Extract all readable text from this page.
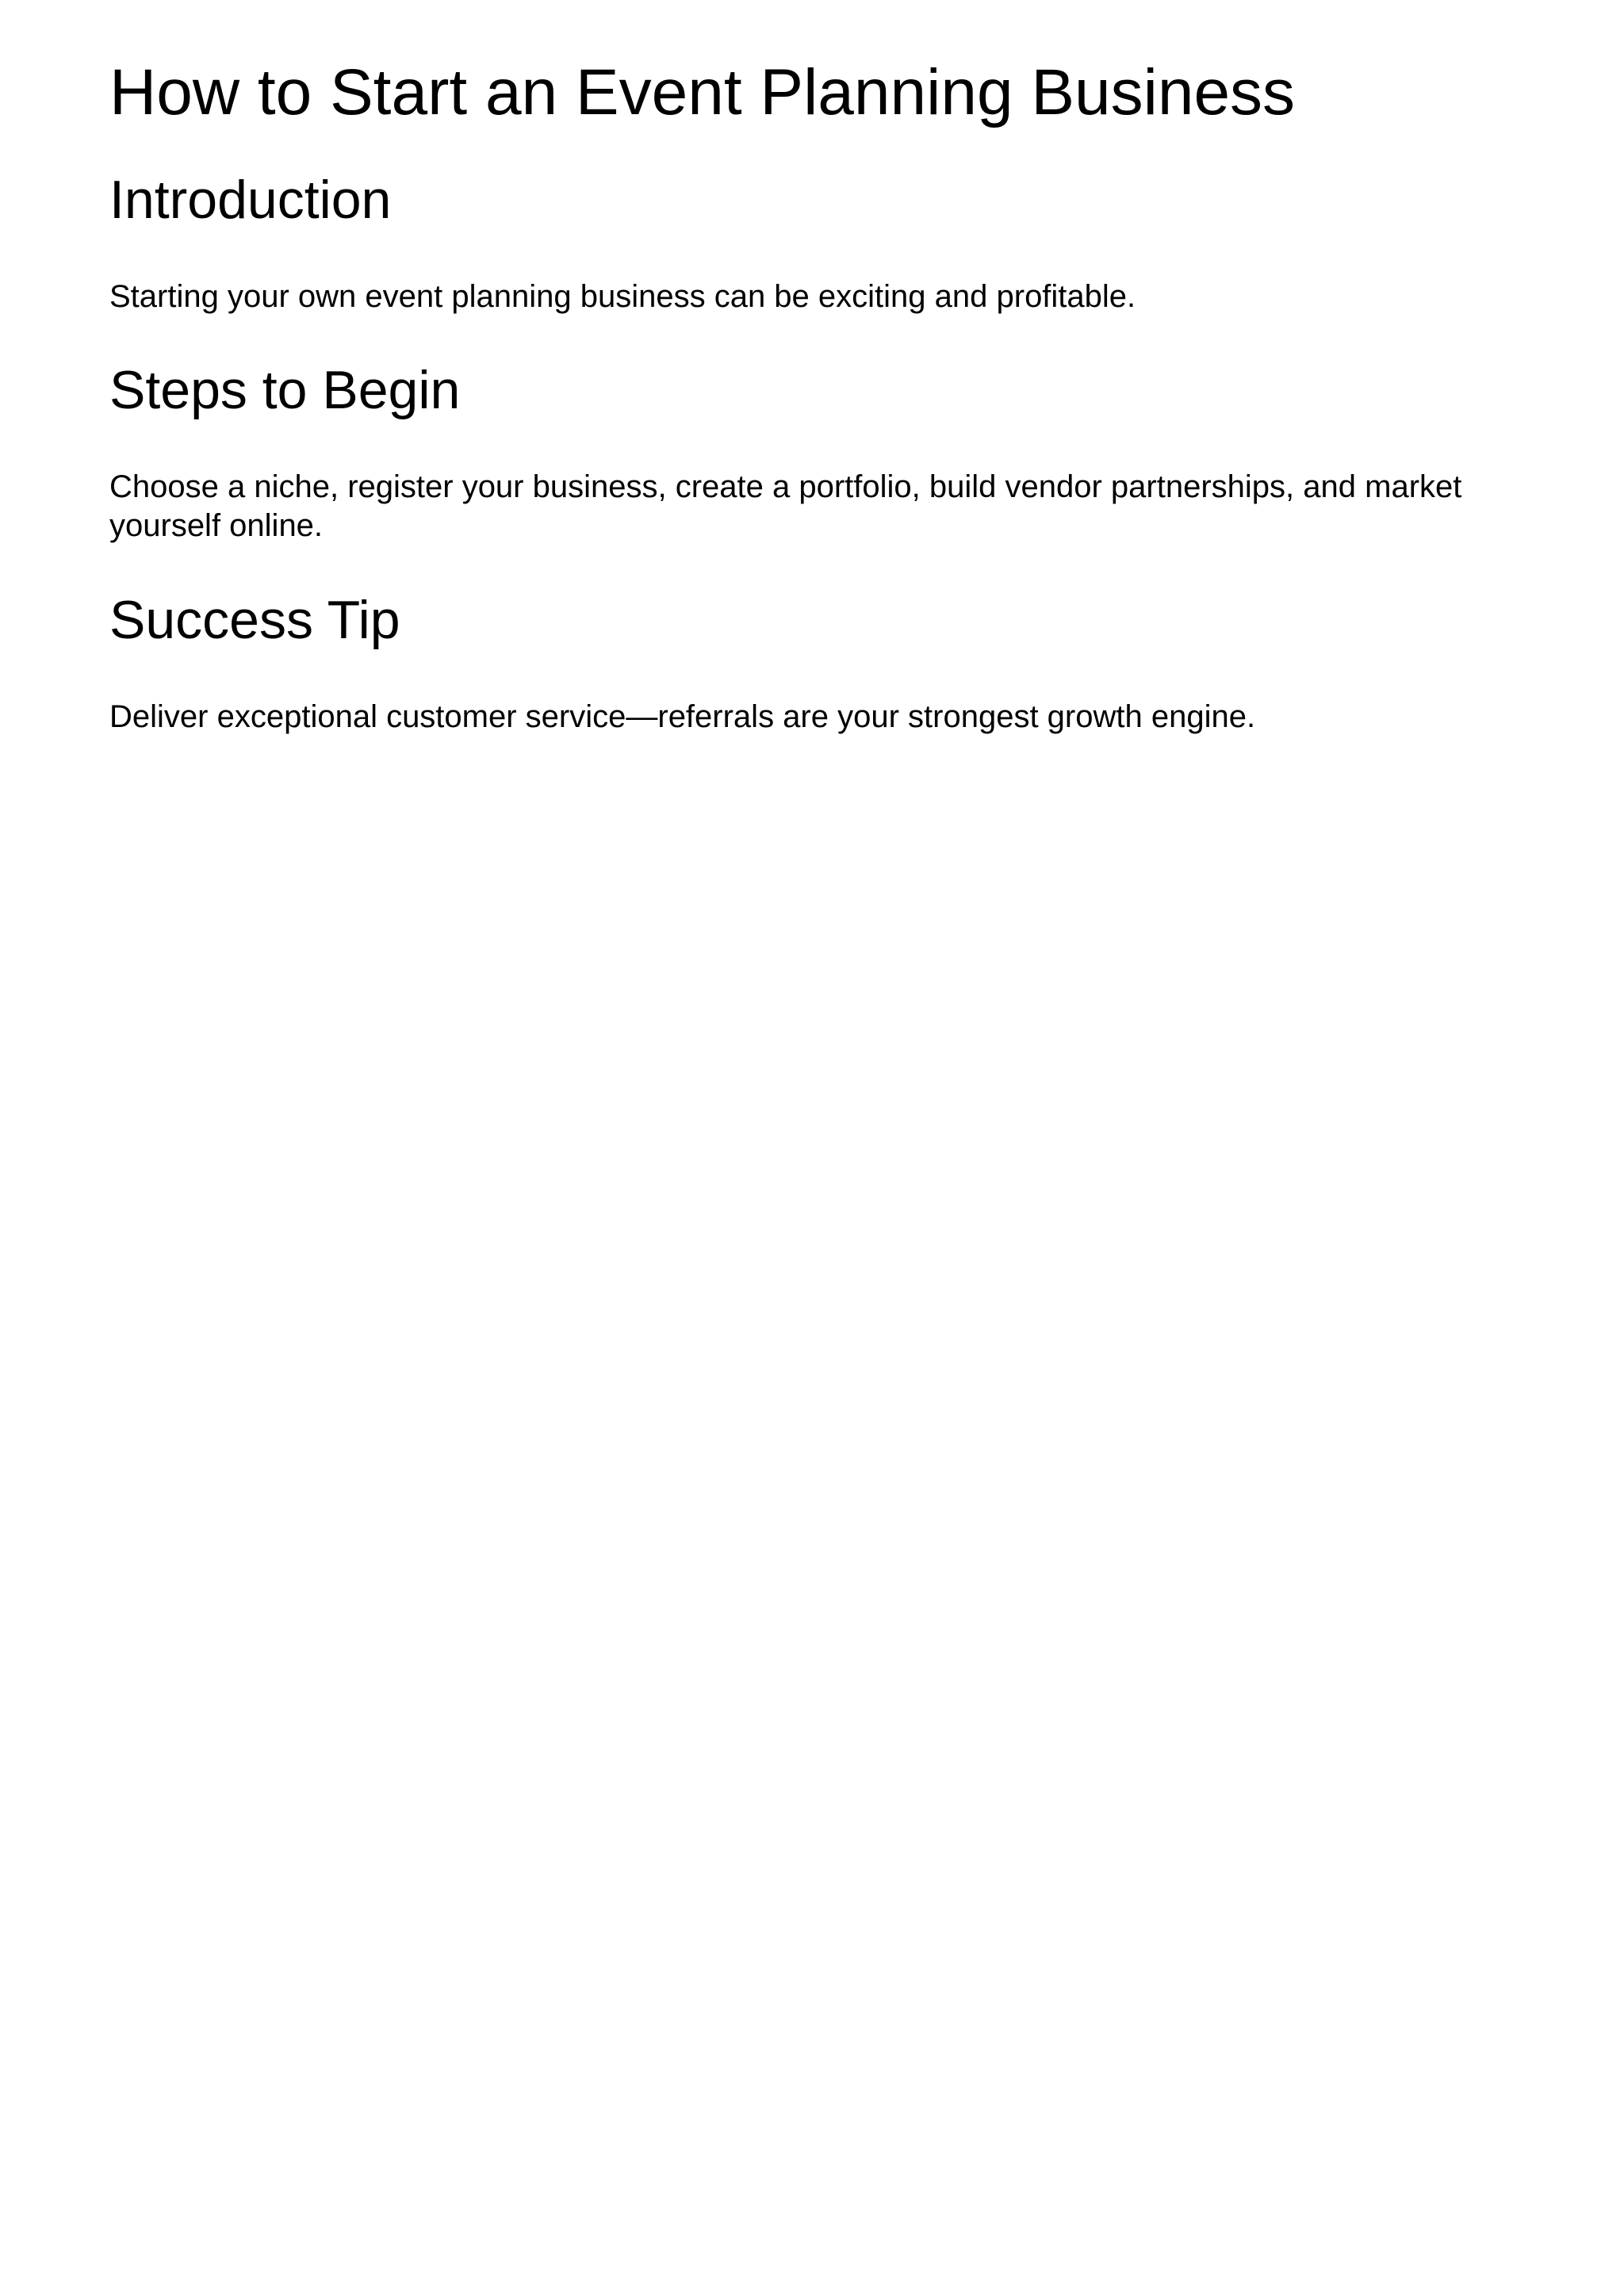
How to Start an Event Planning Business
Introduction

Starting your own event planning business can be exciting and profitable.

Steps to Begin

Choose a niche, register your business, create a portfolio, build vendor partnerships, and market yourself online.

Success Tip

Deliver exceptional customer service—referrals are your strongest growth engine.
